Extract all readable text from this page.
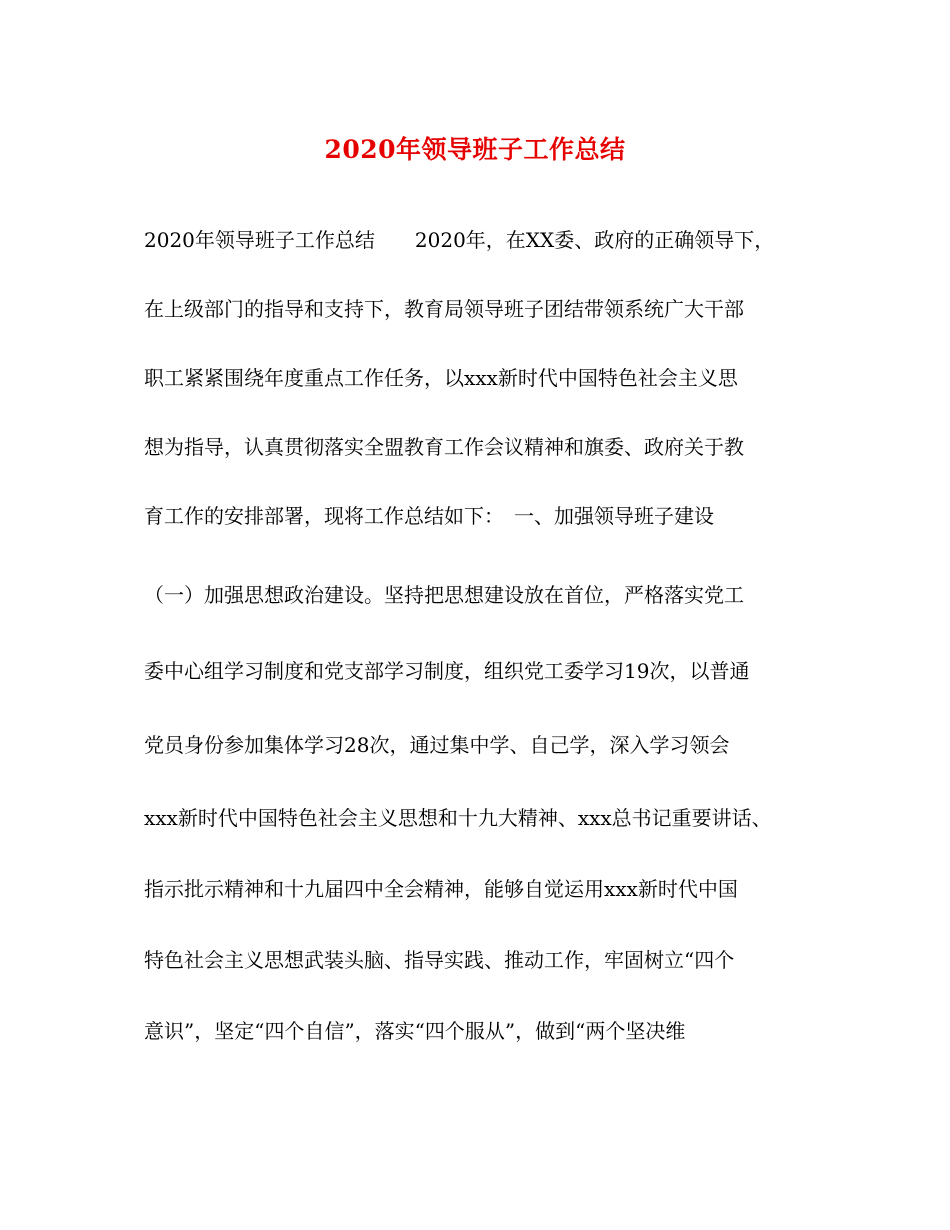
2020年领导班子工作总结

2020年领导班子工作总结　　2020年，在XX委、政府的正确领导下，

在上级部门的指导和支持下，教育局领导班子团结带领系统广大干部

职工紧紧围绕年度重点工作任务，以xxx新时代中国特色社会主义思

想为指导，认真贯彻落实全盟教育工作会议精神和旗委、政府关于教

育工作的安排部署，现将工作总结如下：　一、加强领导班子建设

（一）加强思想政治建设。坚持把思想建设放在首位，严格落实党工

委中心组学习制度和党支部学习制度，组织党工委学习19次，以普通

党员身份参加集体学习28次，通过集中学、自己学，深入学习领会

xxx新时代中国特色社会主义思想和十九大精神、xxx总书记重要讲话、

指示批示精神和十九届四中全会精神，能够自觉运用xxx新时代中国

特色社会主义思想武装头脑、指导实践、推动工作，牢固树立“四个

意识”，坚定“四个自信”，落实“四个服从”，做到“两个坚决维
